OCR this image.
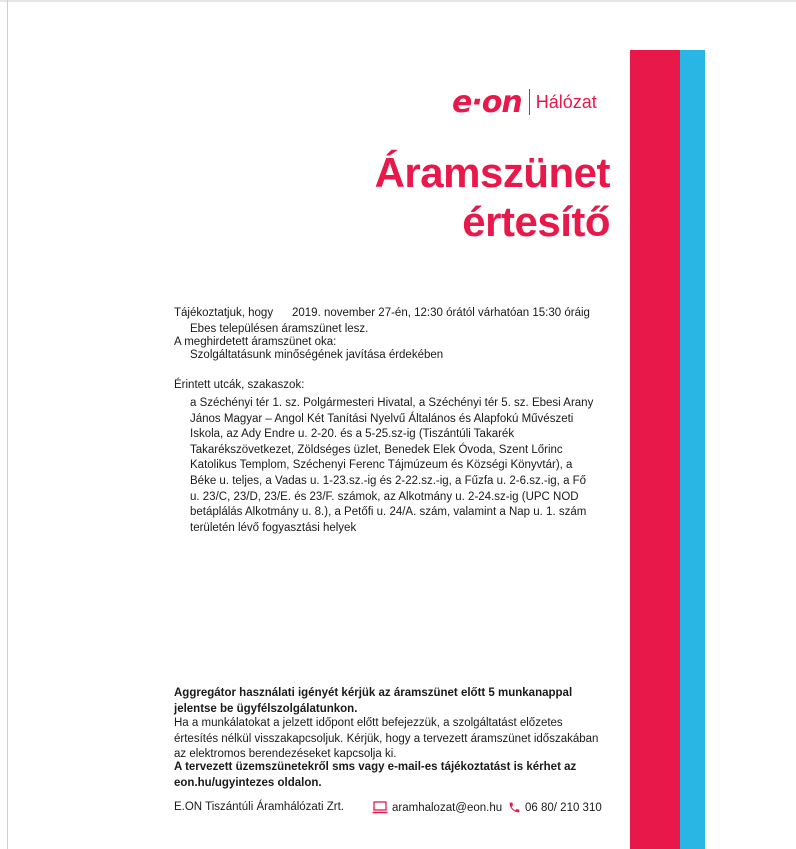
e·on Hálózat
Áramszünet
értesítő
Tájékoztatjuk, hogy 2019. november 27-én, 12:30 órától várhatóan 15:30 óráig
Ebes településen áramszünet lesz.
A meghirdetett áramszünet oka:
Szolgáltatásunk minőségének javítása érdekében
Érintett utcák, szakaszok:
a Széchényi tér 1. sz. Polgármesteri Hivatal, a Széchényi tér 5. sz. Ebesi Arany János Magyar – Angol Két Tanítási Nyelvű Általános és Alapfokú Művészeti Iskola, az Ady Endre u. 2-20. és a 5-25.sz-ig (Tiszántúli Takarék Takarékszövetkezet, Zöldséges üzlet, Benedek Elek Óvoda, Szent Lőrinc Katolikus Templom, Széchenyi Ferenc Tájmúzeum és Községi Könyvtár), a Béke u. teljes, a Vadas u. 1-23.sz.-ig és 2-22.sz.-ig, a Fűzfa u. 2-6.sz.-ig, a Fő u. 23/C, 23/D, 23/E. és 23/F. számok, az Alkotmány u. 2-24.sz-ig (UPC NOD betáplálás Alkotmány u. 8.), a Petőfi u. 24/A. szám, valamint a Nap u. 1. szám területén lévő fogyasztási helyek
Aggregátor használati igényét kérjük az áramszünet előtt 5 munkanappal jelentse be ügyfélszolgálatunkon.
Ha a munkálatokat a jelzett időpont előtt befejezzük, a szolgáltatást előzetes értesítés nélkül visszakapcsoljuk. Kérjük, hogy a tervezett áramszünet időszakában az elektromos berendezéseket kapcsolja ki.
A tervezett üzemszünetekről sms vagy e-mail-es tájékoztatást is kérhet az eon.hu/ugyintezes oldalon.
E.ON Tiszántúli Áramhálózati Zrt.	aramhalozat@eon.hu 06 80/ 210 310
